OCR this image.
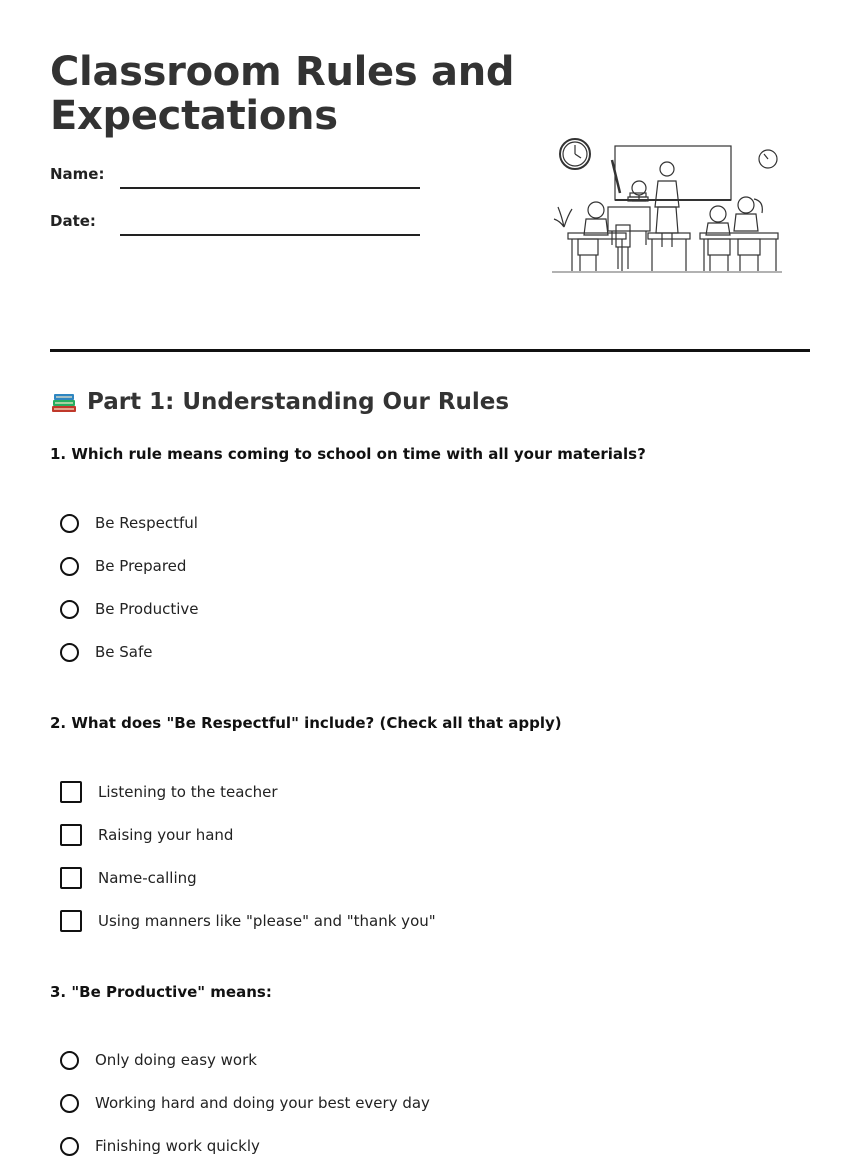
Classroom Rules and Expectations
Name:
Date:
Part 1: Understanding Our Rules
1. Which rule means coming to school on time with all your materials?
Be Respectful
Be Prepared
Be Productive
Be Safe
2. What does "Be Respectful" include? (Check all that apply)
Listening to the teacher
Raising your hand
Name-calling
Using manners like "please" and "thank you"
3. "Be Productive" means:
Only doing easy work
Working hard and doing your best every day
Finishing work quickly
